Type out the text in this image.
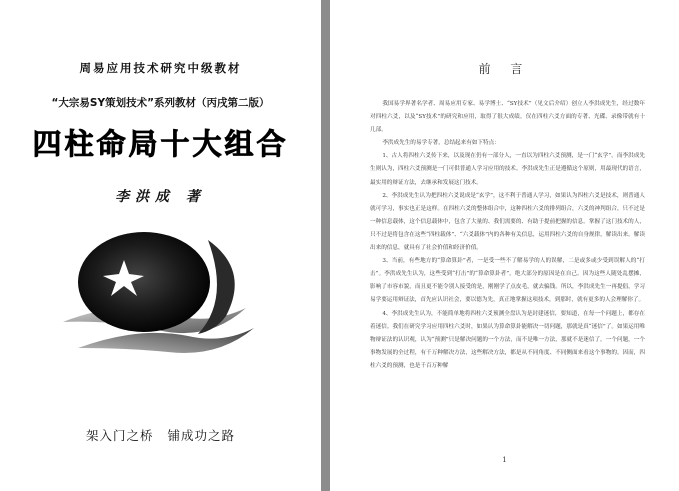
周易应用技术研究中级教材
“大宗易SY策划技术”系列教材（丙戌第二版）
四柱命局十大组合
李洪成 著
架入门之桥 铺成功之路
前 言

我国易学界著名学者、周易应用专家、易学博士、“SY技术”（见文后介绍）创立人李洪成先生，经过数年对四柱六爻，以及“SY技术”的研究和应用，取得了很大成绩。仅在四柱六爻方面的专著、光碟、录像带就有十几部。

李洪成先生的易学专著，总结起来有如下特点：

1、古人将四柱六爻传下来，以及现在仍有一部分人，一直以为四柱六爻预测，是一门“玄学”。而李洪成先生则认为，四柱六爻预测是一门可供普通人学习应用的技术。李洪成先生正是遵循这个原则，用最现代的语言，最实用的辩证方法，去继承和发展这门技术。

2、李洪成先生认为把四柱六爻说成是“玄学”，这不利于普通人学习，如果认为四柱六爻是技术，则普通人就可学习，事实也正是这样。在四柱六爻的整体组合中，这种四柱六爻的排列组合，六爻的神判组合，只不过是一种信息载体，这个信息载体中，包含了大量的、我们需要的、有助于提前把握的信息。掌握了这门技术的人，只不过是将包含在这些“四柱载体”、“六爻载体”内的各种有关信息，运用四柱六爻的自身规律，解读出来。解读出来的信息，就具有了社会价值和经济价值。

3、当前，有些地方的“算命算卦”者，一是受一些不了解易学的人的误解，二是或多或少受到误解人的“打击”。李洪成先生认为，这些受到“打击”的“算命算卦者”，绝大部分的原因是在自己。因为这些人随处乱摆摊，影响了市容市貌，而且更不能令别人接受的是，刚刚学了点皮毛，就去骗钱。所以，李洪成先生一再提倡，学习易学要运用辩证法，首先应认识社会，要以德为先，真正地掌握这项技术，到那时，就有更多的人会理解你了。

4、李洪成先生认为，不能简单地将四柱六爻预测全盘认为是封建迷信，要知道，在每一个问题上，都存在着迷信。我们在研究学习应用四柱六爻时，如果认为算命算卦能解决一切问题，那就是真“迷信”了。如果运用唯物辩证法的认识观，认为“预测”只是解决问题的一个方法，而不是唯一方法，那就不是迷信了。一个问题，一个事物发展的全过程，有千万种解决方法，这些解决方法，都是从不同角度、不同侧面来看这个事物的。因而，四柱六爻的预测，也是千百万种解

1
